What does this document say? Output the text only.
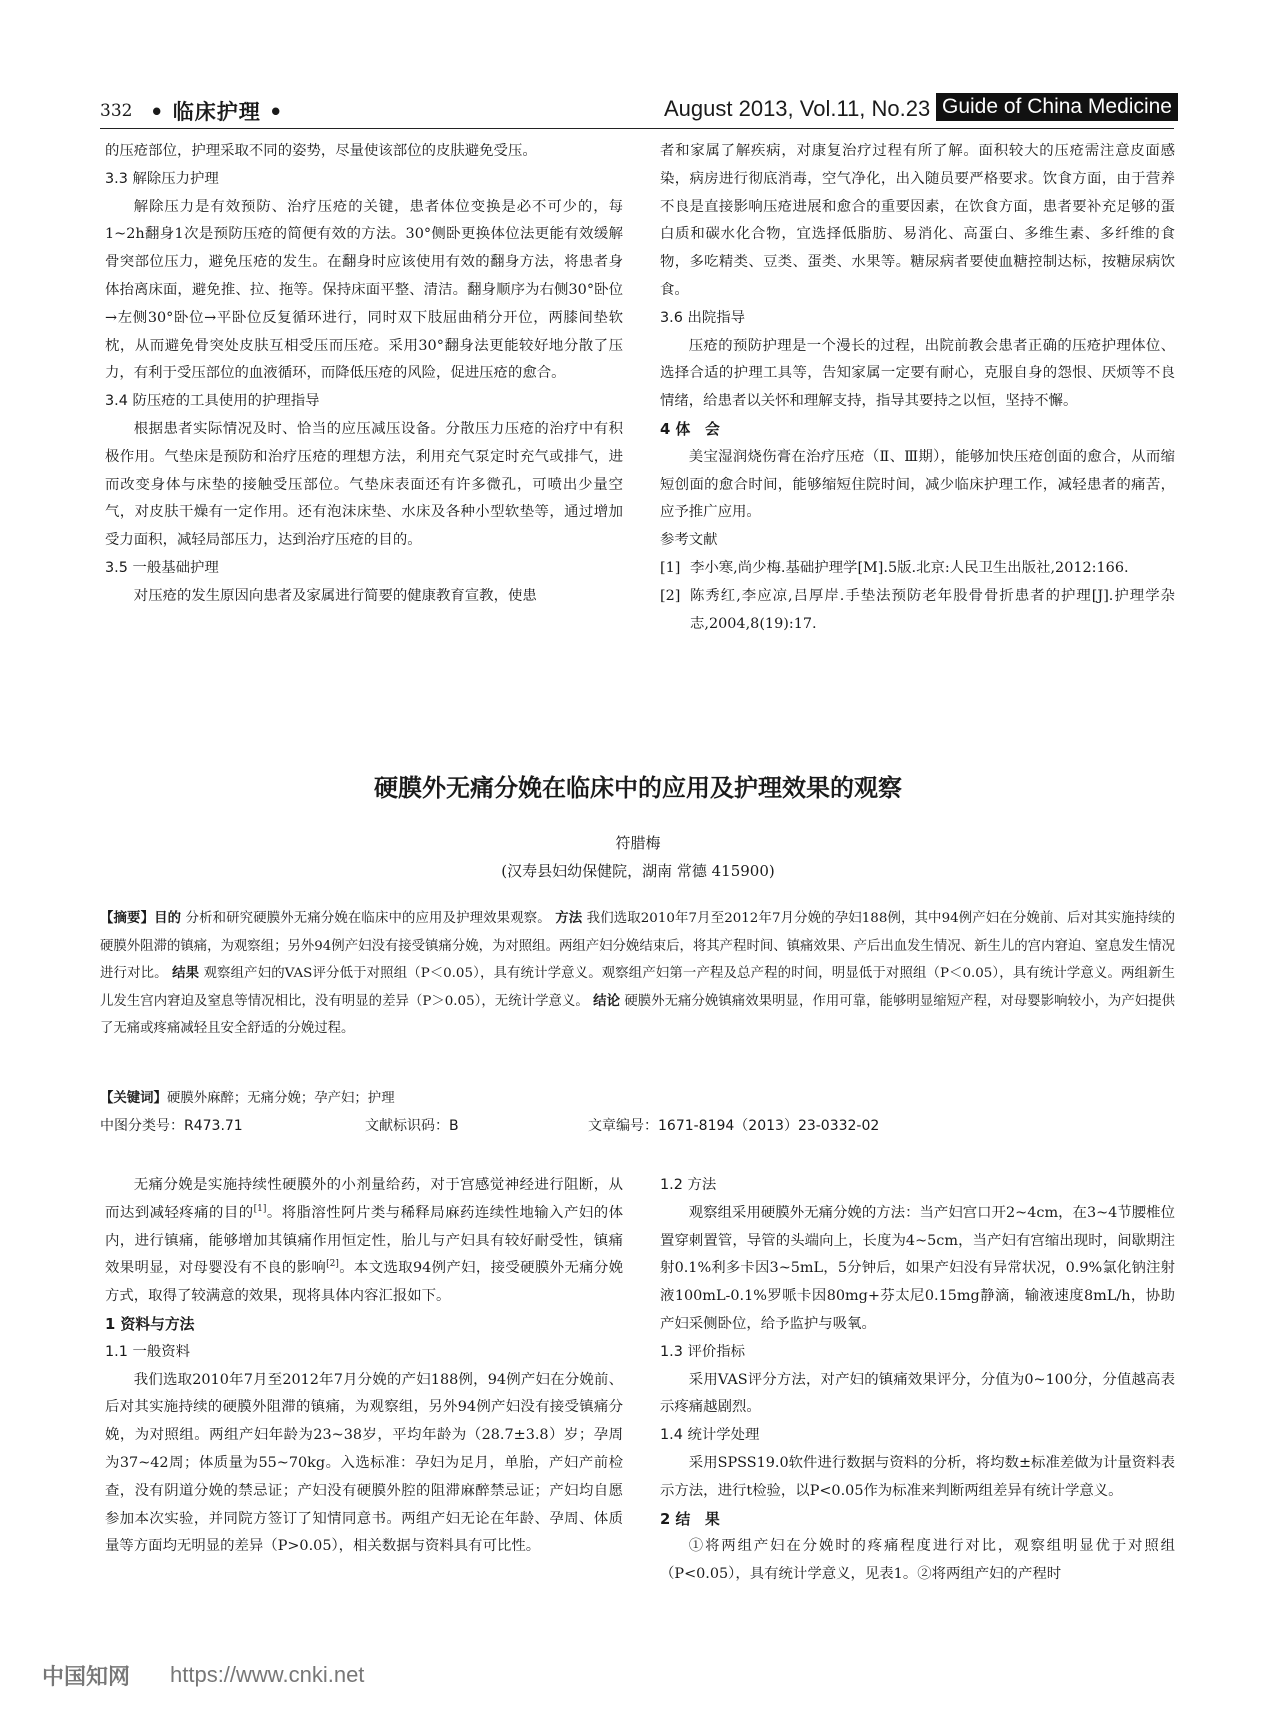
332 • 临床护理 •	August 2013, Vol.11, No.23 Guide of China Medicine

的压疮部位，护理采取不同的姿势，尽量使该部位的皮肤避免受压。

3.3 解除压力护理

解除压力是有效预防、治疗压疮的关键，患者体位变换是必不可少的，每1~2h翻身1次是预防压疮的简便有效的方法。30°侧卧更换体位法更能有效缓解骨突部位压力，避免压疮的发生。在翻身时应该使用有效的翻身方法，将患者身体抬离床面，避免推、拉、拖等。保持床面平整、清洁。翻身顺序为右侧30°卧位→左侧30°卧位→平卧位反复循环进行，同时双下肢屈曲稍分开位，两膝间垫软枕，从而避免骨突处皮肤互相受压而压疮。采用30°翻身法更能较好地分散了压力，有利于受压部位的血液循环，而降低压疮的风险，促进压疮的愈合。

3.4 防压疮的工具使用的护理指导

根据患者实际情况及时、恰当的应压减压设备。分散压力压疮的治疗中有积极作用。气垫床是预防和治疗压疮的理想方法，利用充气泵定时充气或排气，进而改变身体与床垫的接触受压部位。气垫床表面还有许多微孔，可喷出少量空气，对皮肤干燥有一定作用。还有泡沫床垫、水床及各种小型软垫等，通过增加受力面积，减轻局部压力，达到治疗压疮的目的。

3.5 一般基础护理

对压疮的发生原因向患者及家属进行简要的健康教育宣教，使患

者和家属了解疾病，对康复治疗过程有所了解。面积较大的压疮需注意皮面感染，病房进行彻底消毒，空气净化，出入随员要严格要求。饮食方面，由于营养不良是直接影响压疮进展和愈合的重要因素，在饮食方面，患者要补充足够的蛋白质和碳水化合物，宜选择低脂肪、易消化、高蛋白、多维生素、多纤维的食物，多吃精类、豆类、蛋类、水果等。糖尿病者要使血糖控制达标，按糖尿病饮食。

3.6 出院指导

压疮的预防护理是一个漫长的过程，出院前教会患者正确的压疮护理体位、选择合适的护理工具等，告知家属一定要有耐心，克服自身的怨恨、厌烦等不良情绪，给患者以关怀和理解支持，指导其要持之以恒，坚持不懈。

4 体　会

美宝湿润烧伤膏在治疗压疮（Ⅱ、Ⅲ期），能够加快压疮创面的愈合，从而缩短创面的愈合时间，能够缩短住院时间，减少临床护理工作，减轻患者的痛苦，应予推广应用。

参考文献
[1] 李小寒,尚少梅.基础护理学[M].5版.北京:人民卫生出版社,2012:166.
[2] 陈秀红,李应凉,吕厚岸.手垫法预防老年股骨骨折患者的护理[J].护理学杂志,2004,8(19):17.
硬膜外无痛分娩在临床中的应用及护理效果的观察
符腊梅
(汉寿县妇幼保健院，湖南 常德 415900)
【摘要】目的 分析和研究硬膜外无痛分娩在临床中的应用及护理效果观察。 方法 我们选取2010年7月至2012年7月分娩的孕妇188例，其中94例产妇在分娩前、后对其实施持续的硬膜外阻滞的镇痛，为观察组；另外94例产妇没有接受镇痛分娩，为对照组。两组产妇分娩结束后，将其产程时间、镇痛效果、产后出血发生情况、新生儿的宫内窘迫、窒息发生情况进行对比。 结果 观察组产妇的VAS评分低于对照组（P＜0.05），具有统计学意义。观察组产妇第一产程及总产程的时间，明显低于对照组（P＜0.05），具有统计学意义。两组新生儿发生宫内窘迫及窒息等情况相比，没有明显的差异（P＞0.05），无统计学意义。 结论 硬膜外无痛分娩镇痛效果明显，作用可靠，能够明显缩短产程，对母婴影响较小，为产妇提供了无痛或疼痛减轻且安全舒适的分娩过程。
【关键词】硬膜外麻醉；无痛分娩；孕产妇；护理
中图分类号：R473.71	文献标识码：B	文章编号：1671-8194（2013）23-0332-02

无痛分娩是实施持续性硬膜外的小剂量给药，对于宫感觉神经进行阻断，从而达到减轻疼痛的目的[1]。将脂溶性阿片类与稀释局麻药连续性地输入产妇的体内，进行镇痛，能够增加其镇痛作用恒定性，胎儿与产妇具有较好耐受性，镇痛效果明显，对母婴没有不良的影响[2]。本文选取94例产妇，接受硬膜外无痛分娩方式，取得了较满意的效果，现将具体内容汇报如下。

1 资料与方法
1.1 一般资料

我们选取2010年7月至2012年7月分娩的产妇188例，94例产妇在分娩前、后对其实施持续的硬膜外阻滞的镇痛，为观察组，另外94例产妇没有接受镇痛分娩，为对照组。两组产妇年龄为23~38岁，平均年龄为（28.7±3.8）岁；孕周为37~42周；体质量为55~70kg。入选标准：孕妇为足月，单胎，产妇产前检查，没有阴道分娩的禁忌证；产妇没有硬膜外腔的阻滞麻醉禁忌证；产妇均自愿参加本次实验，并同院方签订了知情同意书。两组产妇无论在年龄、孕周、体质量等方面均无明显的差异（P>0.05），相关数据与资料具有可比性。

1.2 方法

观察组采用硬膜外无痛分娩的方法：当产妇宫口开2~4cm，在3~4节腰椎位置穿刺置管，导管的头端向上，长度为4~5cm，当产妇有宫缩出现时，间歇期注射0.1%利多卡因3~5mL，5分钟后，如果产妇没有异常状况，0.9%氯化钠注射液100mL-0.1%罗哌卡因80mg+芬太尼0.15mg静滴，输液速度8mL/h，协助产妇采侧卧位，给予监护与吸氧。

1.3 评价指标

采用VAS评分方法，对产妇的镇痛效果评分，分值为0~100分，分值越高表示疼痛越剧烈。

1.4 统计学处理

采用SPSS19.0软件进行数据与资料的分析，将均数±标准差做为计量资料表示方法，进行t检验，以P<0.05作为标准来判断两组差异有统计学意义。

2 结　果

①将两组产妇在分娩时的疼痛程度进行对比，观察组明显优于对照组（P<0.05），具有统计学意义，见表1。②将两组产妇的产程时

中国知网 https://www.cnki.net
